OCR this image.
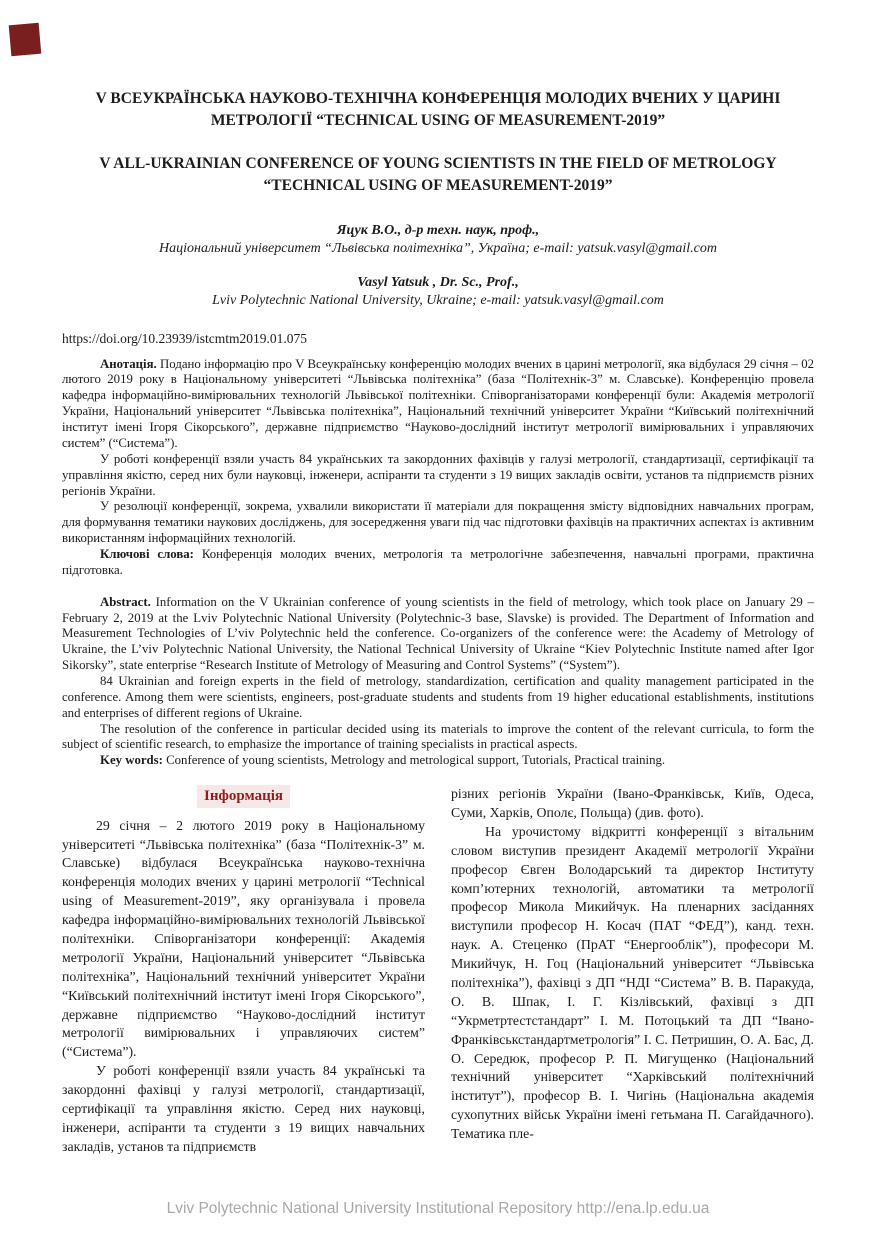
V ВСЕУКРАЇНСЬКА НАУКОВО-ТЕХНІЧНА КОНФЕРЕНЦІЯ МОЛОДИХ ВЧЕНИХ У ЦАРИНІ МЕТРОЛОГІЇ “TECHNICAL USING OF MEASUREMENT-2019”
V ALL-UKRAINIAN CONFERENCE OF YOUNG SCIENTISTS IN THE FIELD OF METROLOGY “TECHNICAL USING OF MEASUREMENT-2019”
Яцук В.О., д-р техн. наук, проф.,
Національний університет “Львівська політехніка”, Україна; e-mail: yatsuk.vasyl@gmail.com
Vasyl Yatsuk , Dr. Sc., Prof.,
Lviv Polytechnic National University, Ukraine; e-mail: yatsuk.vasyl@gmail.com
https://doi.org/10.23939/istcmtm2019.01.075

Анотація. Подано інформацію про V Всеукраїнську конференцію молодих вчених в царині метрології, яка відбулася 29 січня – 02 лютого 2019 року в Національному університеті “Львівська політехніка” (база “Політехнік-3” м. Славське). Конференцію провела кафедра інформаційно-вимірювальних технологій Львівської політехніки. Співорганізаторами конференції були: Академія метрології України, Національний університет “Львівська політехніка”, Національний технічний університет України “Київський політехнічний інститут імені Ігоря Сікорського”, державне підприємство “Науково-дослідний інститут метрології вимірювальних і управляючих систем” (“Система”).

У роботі конференції взяли участь 84 українських та закордонних фахівців у галузі метрології, стандартизації, сертифікації та управління якістю, серед них були науковці, інженери, аспіранти та студенти з 19 вищих закладів освіти, установ та підприємств різних регіонів України.

У резолюції конференції, зокрема, ухвалили використати її матеріали для покращення змісту відповідних навчальних програм, для формування тематики наукових досліджень, для зосередження уваги під час підготовки фахівців на практичних аспектах із активним використанням інформаційних технологій.

Ключові слова: Конференція молодих вчених, метрологія та метрологічне забезпечення, навчальні програми, практична підготовка.

Abstract. Information on the V Ukrainian conference of young scientists in the field of metrology, which took place on January 29 – February 2, 2019 at the Lviv Polytechnic National University (Polytechnic-3 base, Slavske) is provided. The Department of Information and Measurement Technologies of L’viv Polytechnic held the conference. Co-organizers of the conference were: the Academy of Metrology of Ukraine, the L’viv Polytechnic National University, the National Technical University of Ukraine “Kiev Polytechnic Institute named after Igor Sikorsky”, state enterprise “Research Institute of Metrology of Measuring and Control Systems” (“System”).

84 Ukrainian and foreign experts in the field of metrology, standardization, certification and quality management participated in the conference. Among them were scientists, engineers, post-graduate students and students from 19 higher educational establishments, institutions and enterprises of different regions of Ukraine.

The resolution of the conference in particular decided using its materials to improve the content of the relevant curricula, to form the subject of scientific research, to emphasize the importance of training specialists in practical aspects.

Key words: Conference of young scientists, Metrology and metrological support, Tutorials, Practical training.

Інформація

29 січня – 2 лютого 2019 року в Національному університеті “Львівська політехніка” (база “Політехнік-3” м. Славське) відбулася Всеукраїнська науково-технічна конференція молодих вчених у царині метрології “Technical using of Measurement-2019”, яку організувала і провела кафедра інформаційно-вимірювальних технологій Львівської політехніки. Співорганізатори конференції: Академія метрології України, Національний університет “Львівська політехніка”, Національний технічний університет України “Київський політехнічний інститут імені Ігоря Сікорського”, державне підприємство “Науково-дослідний інститут метрології вимірювальних і управляючих систем” (“Система”).

У роботі конференції взяли участь 84 українські та закордонні фахівці у галузі метрології, стандартизації, сертифікації та управління якістю. Серед них науковці, інженери, аспіранти та студенти з 19 вищих навчальних закладів, установ та підприємств

різних регіонів України (Івано-Франківськ, Київ, Одеса, Суми, Харків, Ополє, Польща) (див. фото).

На урочистому відкритті конференції з вітальним словом виступив президент Академії метрології України професор Євген Володарський та директор Інституту комп’ютерних технологій, автоматики та метрології професор Микола Микийчук. На пленарних засіданнях виступили професор Н. Косач (ПАТ “ФЕД”), канд. техн. наук. А. Стеценко (ПрАТ “Енергооблік”), професори М. Микийчук, Н. Гоц (Національний університет “Львівська політехніка”), фахівці з ДП “НДІ “Система” В. В. Паракуда, О. В. Шпак, І. Г. Кізлівський, фахівці з ДП “Укрметртестстандарт” І. М. Потоцький та ДП “Івано-Франківськстандартметрологія” І. С. Петришин, О. А. Бас, Д. О. Середюк, професор Р. П. Мигущенко (Національний технічний університет “Харківський політехнічний інститут”), професор В. І. Чигінь (Національна академія сухопутних військ України імені гетьмана П. Сагайдачного). Тематика пле-

Lviv Polytechnic National University Institutional Repository http://ena.lp.edu.ua
